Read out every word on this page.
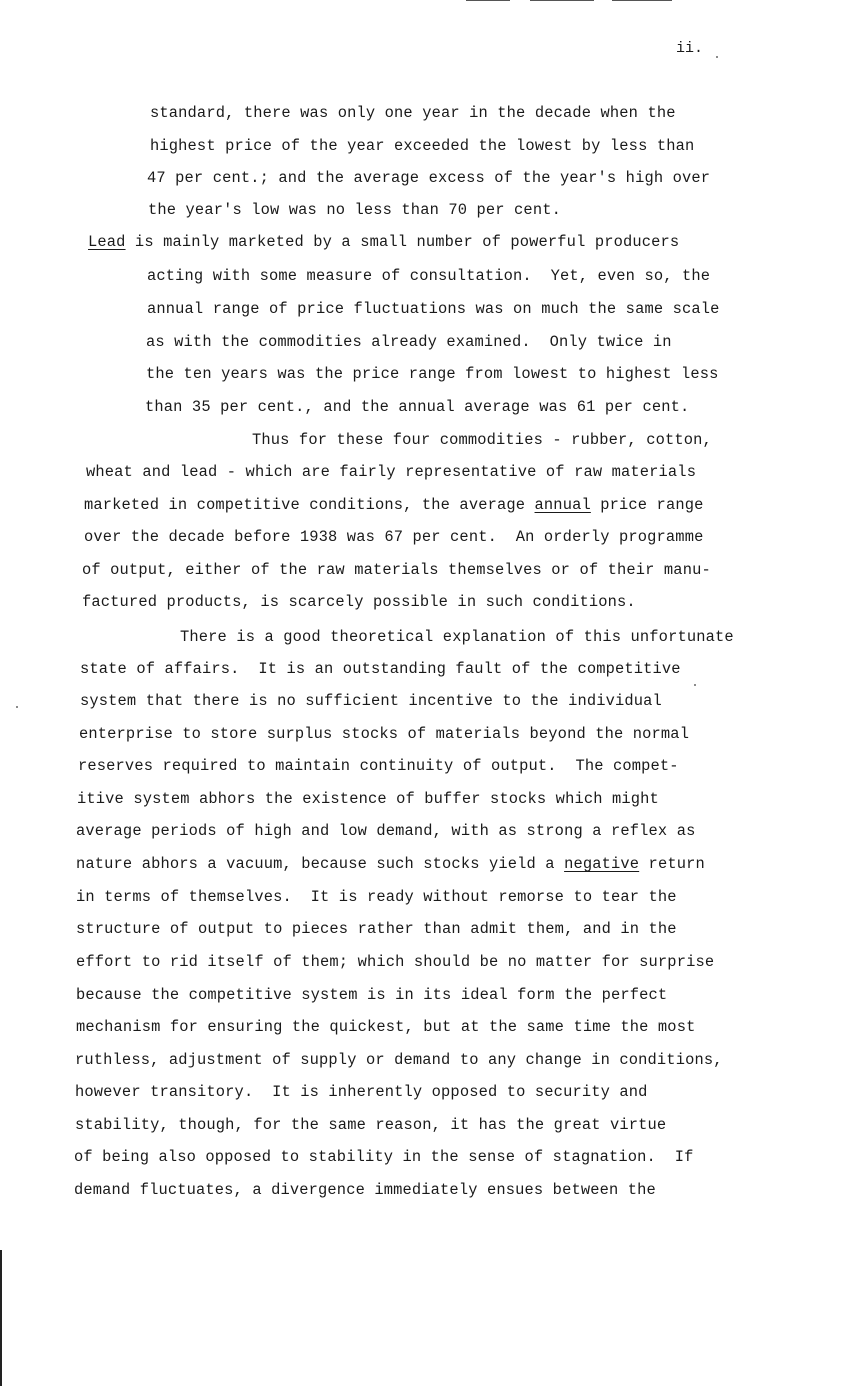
ii.
standard, there was only one year in the decade when the
highest price of the year exceeded the lowest by less than
47 per cent.; and the average excess of the year's high over
the year's low was no less than 70 per cent.
Lead is mainly marketed by a small number of powerful producers
acting with some measure of consultation.  Yet, even so, the
annual range of price fluctuations was on much the same scale
as with the commodities already examined.  Only twice in
the ten years was the price range from lowest to highest less
than 35 per cent., and the annual average was 61 per cent.
Thus for these four commodities - rubber, cotton,
wheat and lead - which are fairly representative of raw materials
marketed in competitive conditions, the average annual price range
over the decade before 1938 was 67 per cent.  An orderly programme
of output, either of the raw materials themselves or of their manu-
factured products, is scarcely possible in such conditions.
There is a good theoretical explanation of this unfortunate
state of affairs.  It is an outstanding fault of the competitive
system that there is no sufficient incentive to the individual
enterprise to store surplus stocks of materials beyond the normal
reserves required to maintain continuity of output.  The compet-
itive system abhors the existence of buffer stocks which might
average periods of high and low demand, with as strong a reflex as
nature abhors a vacuum, because such stocks yield a negative return
in terms of themselves.  It is ready without remorse to tear the
structure of output to pieces rather than admit them, and in the
effort to rid itself of them; which should be no matter for surprise
because the competitive system is in its ideal form the perfect
mechanism for ensuring the quickest, but at the same time the most
ruthless, adjustment of supply or demand to any change in conditions,
however transitory.  It is inherently opposed to security and
stability, though, for the same reason, it has the great virtue
of being also opposed to stability in the sense of stagnation.  If
demand fluctuates, a divergence immediately ensues between the
